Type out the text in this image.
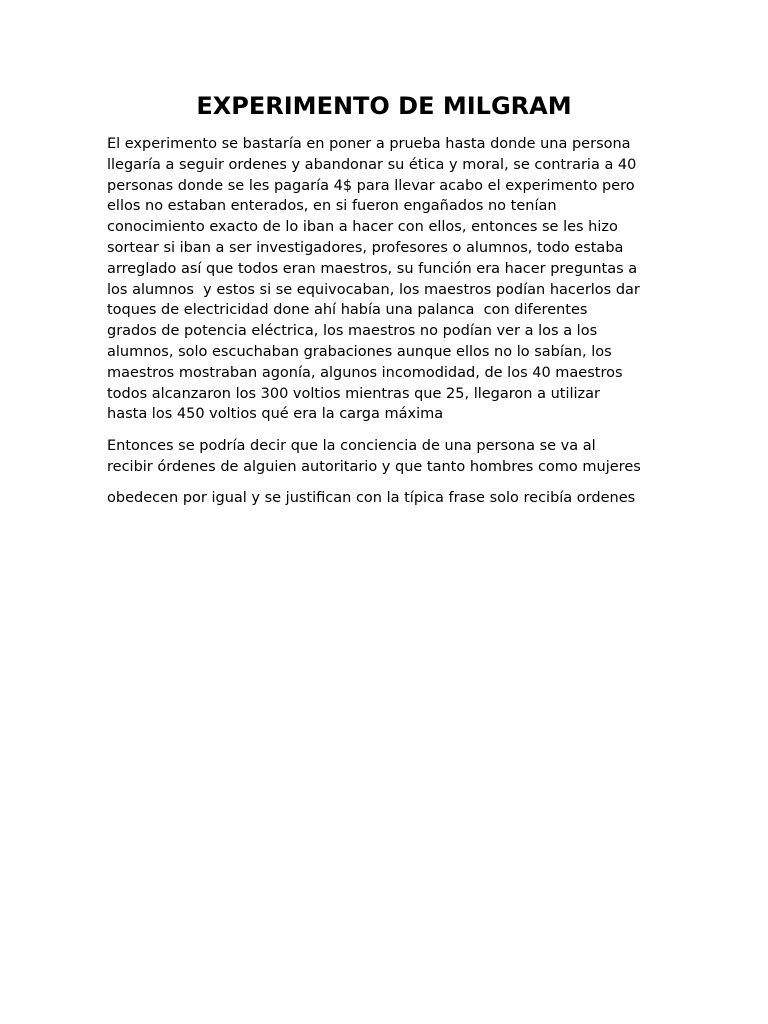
EXPERIMENTO DE MILGRAM

El experimento se bastaría en poner a prueba hasta donde una persona
llegaría a seguir ordenes y abandonar su ética y moral, se contraria a 40
personas donde se les pagaría 4$ para llevar acabo el experimento pero
ellos no estaban enterados, en si fueron engañados no tenían
conocimiento exacto de lo iban a hacer con ellos, entonces se les hizo
sortear si iban a ser investigadores, profesores o alumnos, todo estaba
arreglado así que todos eran maestros, su función era hacer preguntas a
los alumnos  y estos si se equivocaban, los maestros podían hacerlos dar
toques de electricidad done ahí había una palanca  con diferentes
grados de potencia eléctrica, los maestros no podían ver a los a los
alumnos, solo escuchaban grabaciones aunque ellos no lo sabían, los
maestros mostraban agonía, algunos incomodidad, de los 40 maestros
todos alcanzaron los 300 voltios mientras que 25, llegaron a utilizar
hasta los 450 voltios qué era la carga máxima

Entonces se podría decir que la conciencia de una persona se va al
recibir órdenes de alguien autoritario y que tanto hombres como mujeres

obedecen por igual y se justifican con la típica frase solo recibía ordenes
